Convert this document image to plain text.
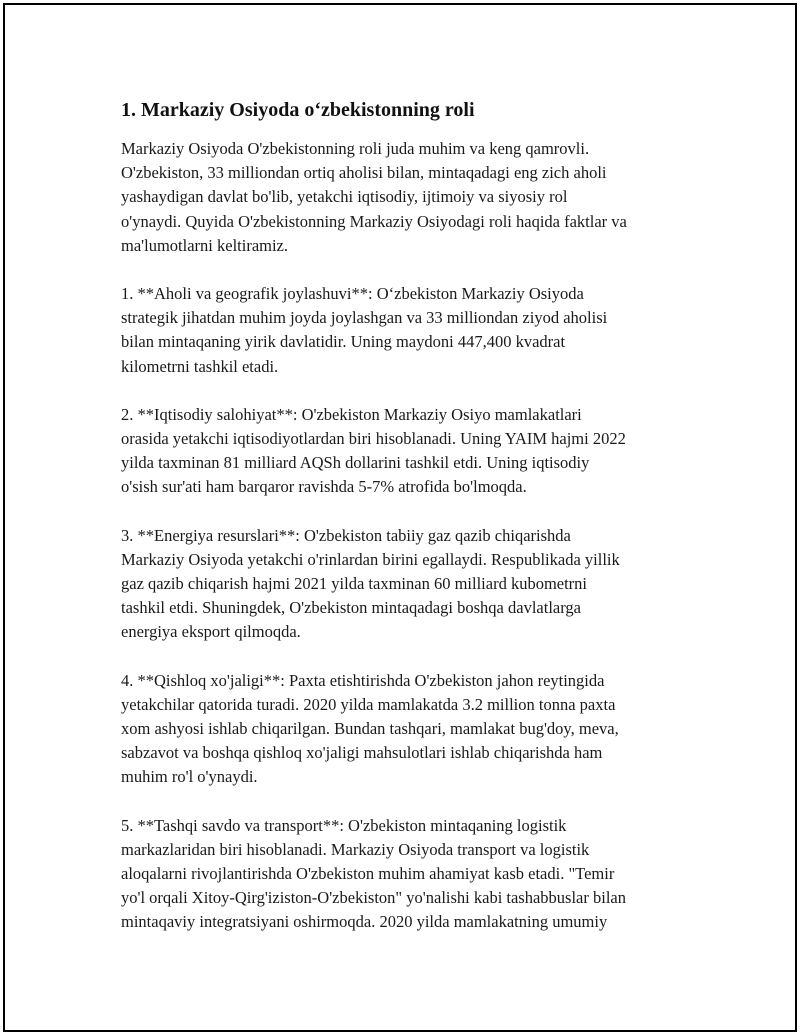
1. Markaziy Osiyoda o‘zbekistonning roli

Markaziy Osiyoda O'zbekistonning roli juda muhim va keng qamrovli.
O'zbekiston, 33 milliondan ortiq aholisi bilan, mintaqadagi eng zich aholi
yashaydigan davlat bo'lib, yetakchi iqtisodiy, ijtimoiy va siyosiy rol
o'ynaydi. Quyida O'zbekistonning Markaziy Osiyodagi roli haqida faktlar va
ma'lumotlarni keltiramiz.

1. **Aholi va geografik joylashuvi**: O‘zbekiston Markaziy Osiyoda
strategik jihatdan muhim joyda joylashgan va 33 milliondan ziyod aholisi
bilan mintaqaning yirik davlatidir. Uning maydoni 447,400 kvadrat
kilometrni tashkil etadi.

2. **Iqtisodiy salohiyat**: O'zbekiston Markaziy Osiyo mamlakatlari
orasida yetakchi iqtisodiyotlardan biri hisoblanadi. Uning YAIM hajmi 2022
yilda taxminan 81 milliard AQSh dollarini tashkil etdi. Uning iqtisodiy
o'sish sur'ati ham barqaror ravishda 5-7% atrofida bo'lmoqda.

3. **Energiya resurslari**: O'zbekiston tabiiy gaz qazib chiqarishda
Markaziy Osiyoda yetakchi o'rinlardan birini egallaydi. Respublikada yillik
gaz qazib chiqarish hajmi 2021 yilda taxminan 60 milliard kubometrni
tashkil etdi. Shuningdek, O'zbekiston mintaqadagi boshqa davlatlarga
energiya eksport qilmoqda.

4. **Qishloq xo'jaligi**: Paxta etishtirishda O'zbekiston jahon reytingida
yetakchilar qatorida turadi. 2020 yilda mamlakatda 3.2 million tonna paxta
xom ashyosi ishlab chiqarilgan. Bundan tashqari, mamlakat bug'doy, meva,
sabzavot va boshqa qishloq xo'jaligi mahsulotlari ishlab chiqarishda ham
muhim ro'l o'ynaydi.

5. **Tashqi savdo va transport**: O'zbekiston mintaqaning logistik
markazlaridan biri hisoblanadi. Markaziy Osiyoda transport va logistik
aloqalarni rivojlantirishda O'zbekiston muhim ahamiyat kasb etadi. "Temir
yo'l orqali Xitoy-Qirg'iziston-O'zbekiston" yo'nalishi kabi tashabbuslar bilan
mintaqaviy integratsiyani oshirmoqda. 2020 yilda mamlakatning umumiy
